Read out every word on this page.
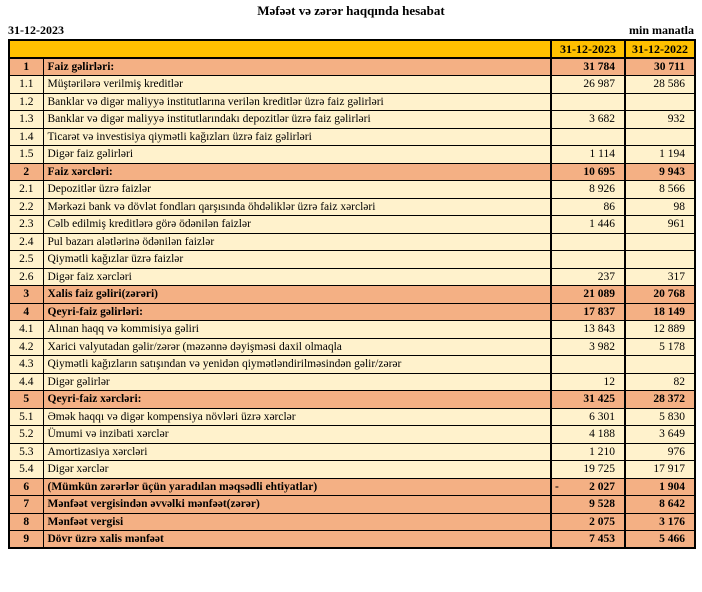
Məfəət və zərər haqqında hesabat
31-12-2023	min manatla
		31-12-2023	31-12-2022
1	Faiz gəlirləri:	31 784	30 711
1.1	Müştərilərə verilmiş kreditlər	26 987	28 586
1.2	Banklar və digər maliyyə institutlarına verilən kreditlər üzrə faiz gəlirləri		
1.3	Banklar və digər maliyyə institutlarındakı depozitlər üzrə faiz gəlirləri	3 682	932
1.4	Ticarət və investisiya qiymətli kağızları üzrə faiz gəlirləri		
1.5	Digər faiz gəlirləri	1 114	1 194
2	Faiz xərcləri:	10 695	9 943
2.1	Depozitlər üzrə faizlər	8 926	8 566
2.2	Mərkəzi bank və dövlət fondları qarşısında öhdəliklər üzrə faiz xərcləri	86	98
2.3	Cəlb edilmiş kreditlərə görə ödənilən faizlər	1 446	961
2.4	Pul bazarı alətlərinə ödənilən faizlər		
2.5	Qiymətli kağızlar üzrə faizlər		
2.6	Digər faiz xərcləri	237	317
3	Xalis faiz gəliri(zərəri)	21 089	20 768
4	Qeyri-faiz gəlirləri:	17 837	18 149
4.1	Alınan haqq və kommisiya gəliri	13 843	12 889
4.2	Xarici valyutadan gəlir/zərər (məzənnə dəyişməsi daxil olmaqla	3 982	5 178
4.3	Qiymətli kağızların satışından və yenidən qiymətləndirilməsindən gəlir/zərər		
4.4	Digər gəlirlər	12	82
5	Qeyri-faiz xərcləri:	31 425	28 372
5.1	Əmək haqqı və digər kompensiya növləri üzrə xərclər	6 301	5 830
5.2	Ümumi və inzibati xərclər	4 188	3 649
5.3	Amortizasiya xərcləri	1 210	976
5.4	Digər xərclər	19 725	17 917
6	(Mümkün zərərlər üçün yaradılan məqsədli ehtiyatlar)	- 2 027	1 904
7	Mənfəət vergisindən əvvəlki mənfəət(zərər)	9 528	8 642
8	Mənfəət vergisi	2 075	3 176
9	Dövr üzrə xalis mənfəət	7 453	5 466
